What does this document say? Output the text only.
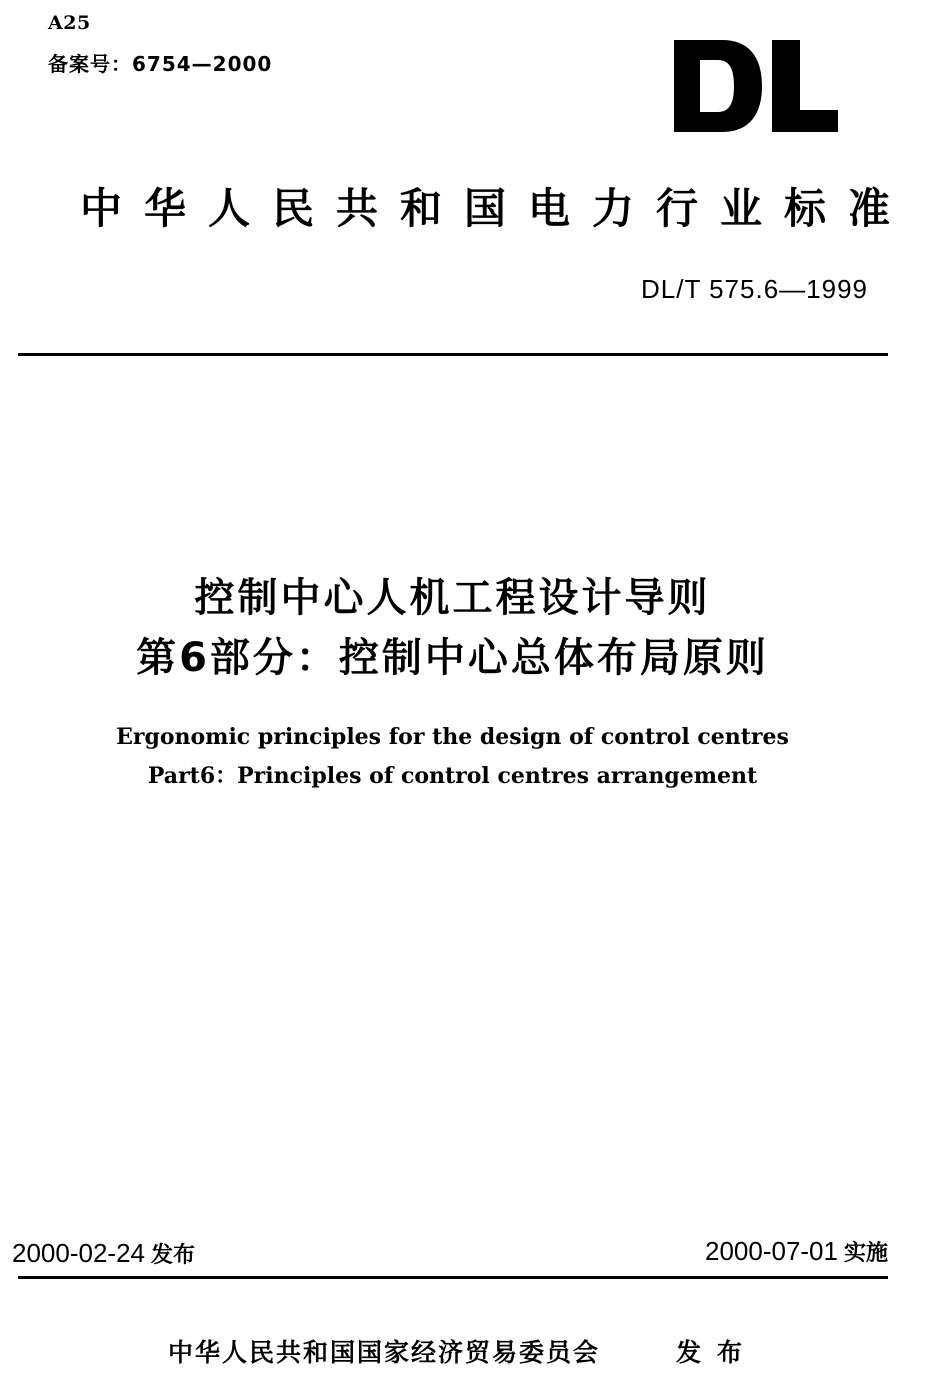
A25
备案号：6754—2000
中华人民共和国电力行业标准
DL/T 575.6—1999
控制中心人机工程设计导则
第6部分：控制中心总体布局原则
Ergonomic principles for the design of control centres
Part6：Principles of control centres arrangement
2000-02-24 发布	2000-07-01 实施
中华人民共和国国家经济贸易委员会	发布
